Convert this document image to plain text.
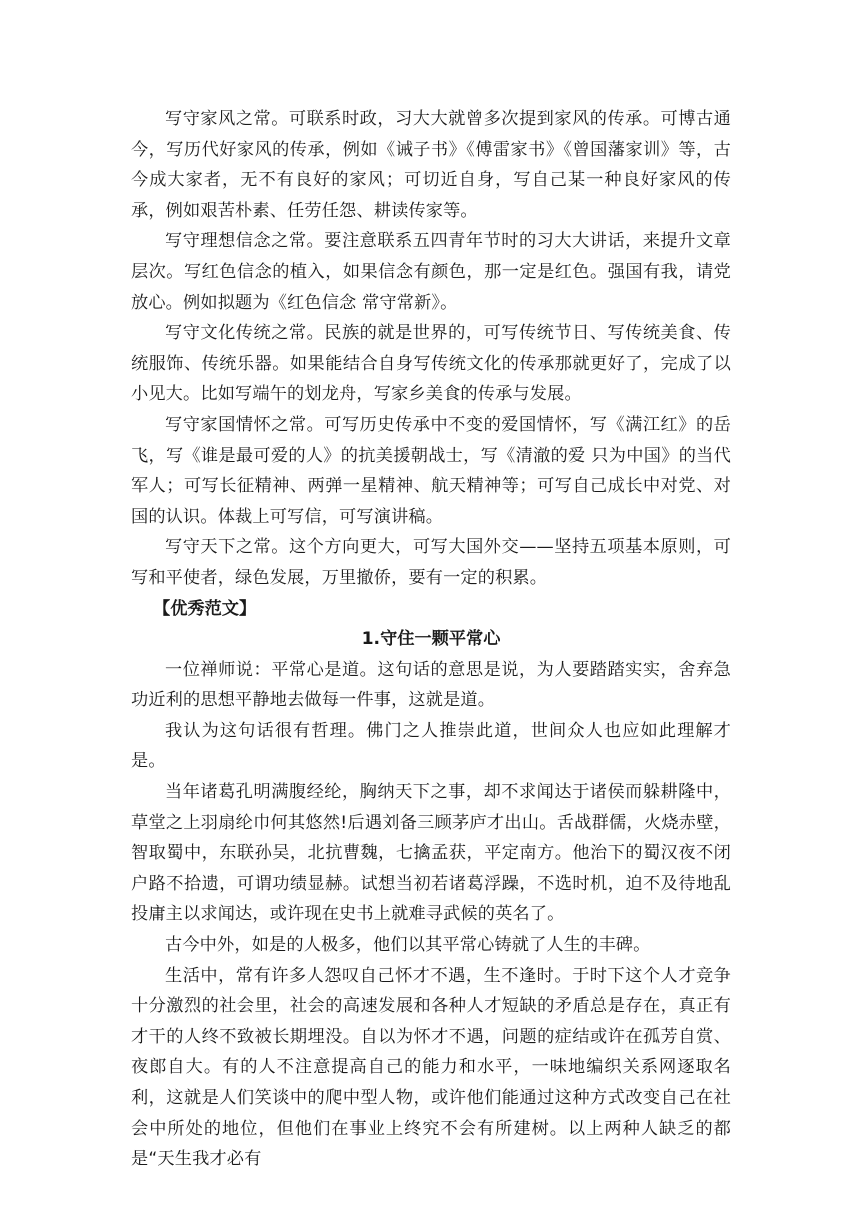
写守家风之常。可联系时政，习大大就曾多次提到家风的传承。可博古通今，写历代好家风的传承，例如《诫子书》《傅雷家书》《曾国藩家训》等，古今成大家者，无不有良好的家风；可切近自身，写自己某一种良好家风的传承，例如艰苦朴素、任劳任怨、耕读传家等。

写守理想信念之常。要注意联系五四青年节时的习大大讲话，来提升文章层次。写红色信念的植入，如果信念有颜色，那一定是红色。强国有我，请党放心。例如拟题为《红色信念 常守常新》。

写守文化传统之常。民族的就是世界的，可写传统节日、写传统美食、传统服饰、传统乐器。如果能结合自身写传统文化的传承那就更好了，完成了以小见大。比如写端午的划龙舟，写家乡美食的传承与发展。

写守家国情怀之常。可写历史传承中不变的爱国情怀，写《满江红》的岳飞，写《谁是最可爱的人》的抗美援朝战士，写《清澈的爱 只为中国》的当代军人；可写长征精神、两弹一星精神、航天精神等；可写自己成长中对党、对国的认识。体裁上可写信，可写演讲稿。

写守天下之常。这个方向更大，可写大国外交——坚持五项基本原则，可写和平使者，绿色发展，万里撤侨，要有一定的积累。

【优秀范文】

1.守住一颗平常心

一位禅师说：平常心是道。这句话的意思是说，为人要踏踏实实，舍弃急功近利的思想平静地去做每一件事，这就是道。

我认为这句话很有哲理。佛门之人推崇此道，世间众人也应如此理解才是。

当年诸葛孔明满腹经纶，胸纳天下之事，却不求闻达于诸侯而躲耕隆中，草堂之上羽扇纶巾何其悠然!后遇刘备三顾茅庐才出山。舌战群儒，火烧赤壁，智取蜀中，东联孙吴，北抗曹魏，七擒孟获，平定南方。他治下的蜀汉夜不闭户路不拾遗，可谓功绩显赫。试想当初若诸葛浮躁，不选时机，迫不及待地乱投庸主以求闻达，或许现在史书上就难寻武候的英名了。

古今中外，如是的人极多，他们以其平常心铸就了人生的丰碑。

生活中，常有许多人怨叹自己怀才不遇，生不逢时。于时下这个人才竞争十分激烈的社会里，社会的高速发展和各种人才短缺的矛盾总是存在，真正有才干的人终不致被长期埋没。自以为怀才不遇，问题的症结或许在孤芳自赏、夜郎自大。有的人不注意提高自己的能力和水平，一味地编织关系网逐取名利，这就是人们笑谈中的爬中型人物，或许他们能通过这种方式改变自己在社会中所处的地位，但他们在事业上终究不会有所建树。以上两种人缺乏的都是“天生我才必有
